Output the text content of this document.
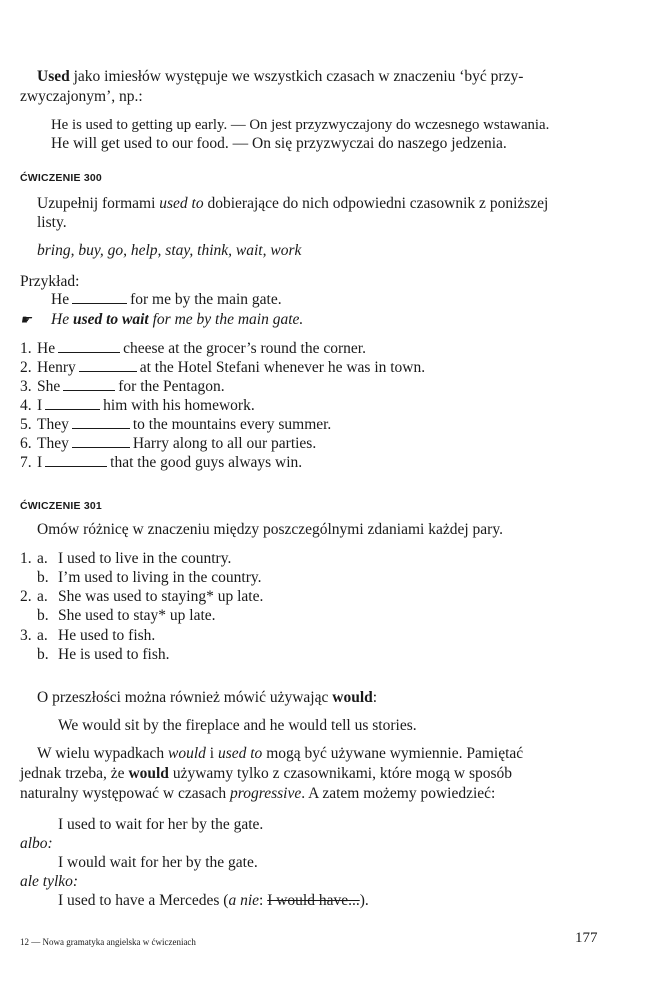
Used jako imiesłów występuje we wszystkich czasach w znaczeniu ‘być przy-
zwyczajonym’, np.:
He is used to getting up early. — On jest przyzwyczajony do wczesnego wstawania.
He will get used to our food. — On się przyzwyczai do naszego jedzenia.
ĆWICZENIE 300
Uzupełnij formami used to dobierające do nich odpowiedni czasownik z poniższej
listy.
bring, buy, go, help, stay, think, wait, work
Przykład:
He	for me by the main gate.
☛ He used to wait for me by the main gate.
1. He	cheese at the grocer’s round the corner.
2. Henry	at the Hotel Stefani whenever he was in town.
3. She	for the Pentagon.
4. I	him with his homework.
5. They	to the mountains every summer.
6. They	Harry along to all our parties.
7. I	that the good guys always win.
ĆWICZENIE 301
Omów różnicę w znaczeniu między poszczególnymi zdaniami każdej pary.
1. a. I used to live in the country.
b. I’m used to living in the country.
2. a. She was used to staying* up late.
b. She used to stay* up late.
3. a. He used to fish.
b. He is used to fish.
O przeszłości można również mówić używając would:
We would sit by the fireplace and he would tell us stories.
W wielu wypadkach would i used to mogą być używane wymiennie. Pamiętać
jednak trzeba, że would używamy tylko z czasownikami, które mogą w sposób
naturalny występować w czasach progressive. A zatem możemy powiedzieć:
I used to wait for her by the gate.
albo:
I would wait for her by the gate.
ale tylko:
I used to have a Mercedes (a nie: I would have...).
12 — Nowa gramatyka angielska w ćwiczeniach	177
